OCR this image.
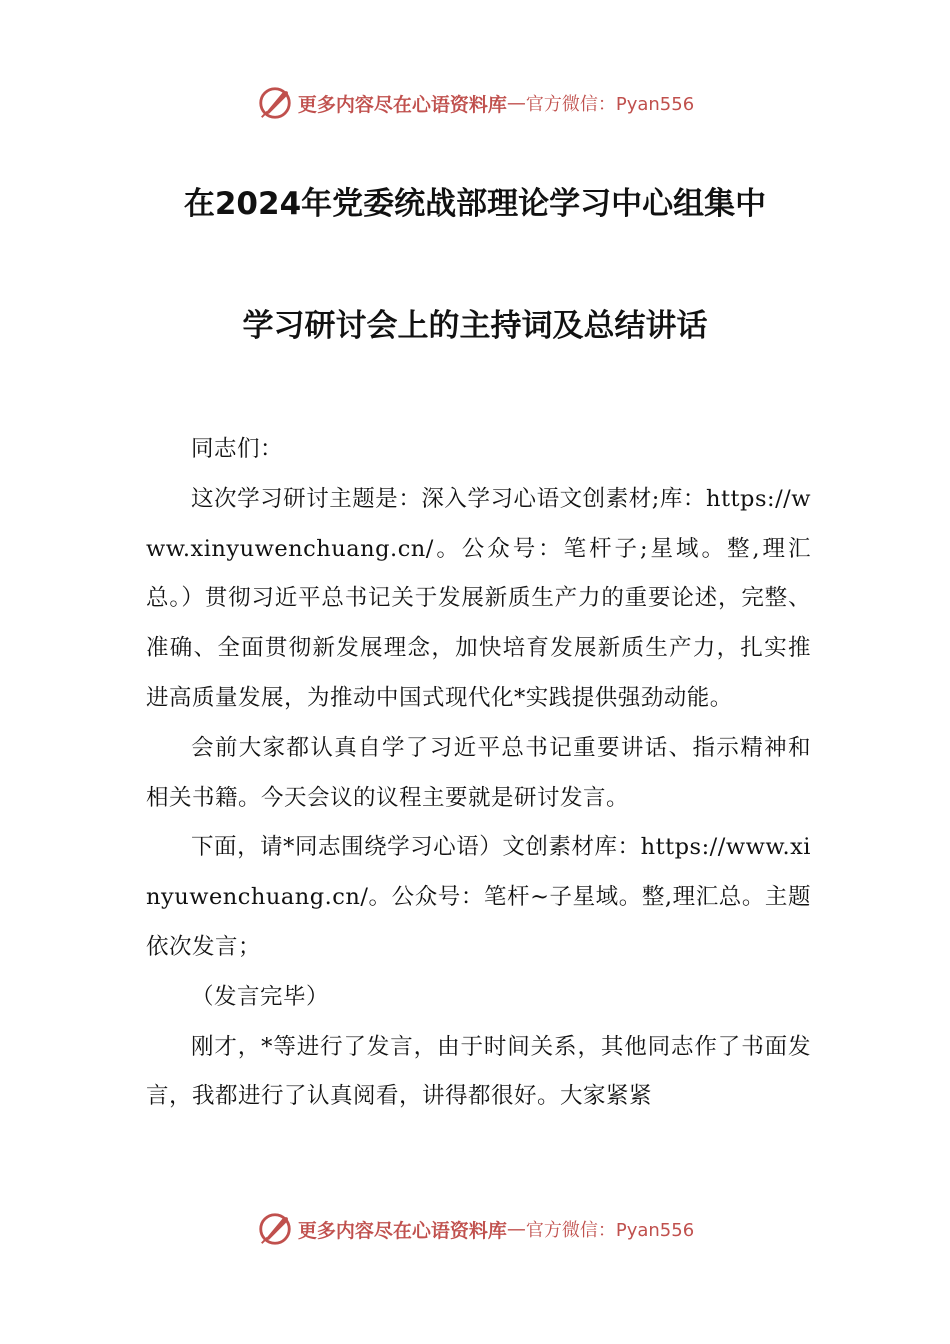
更多内容尽在心语资料库 — 官方微信：Pyan556
在2024年党委统战部理论学习中心组集中
学习研讨会上的主持词及总结讲话

同志们：

这次学习研讨主题是：深入学习心语文创素材;库：https://www.xinyuwenchuang.cn/。公众号：笔杆子;星域。整,理汇总。）贯彻习近平总书记关于发展新质生产力的重要论述，完整、准确、全面贯彻新发展理念，加快培育发展新质生产力，扎实推进高质量发展，为推动中国式现代化*实践提供强劲动能。

会前大家都认真自学了习近平总书记重要讲话、指示精神和相关书籍。今天会议的议程主要就是研讨发言。

下面，请*同志围绕学习心语）文创素材库：https://www.xinyuwenchuang.cn/。公众号：笔杆~子星域。整,理汇总。主题依次发言；

（发言完毕）

刚才，*等进行了发言，由于时间关系，其他同志作了书面发言，我都进行了认真阅看，讲得都很好。大家紧紧

更多内容尽在心语资料库 — 官方微信：Pyan556
